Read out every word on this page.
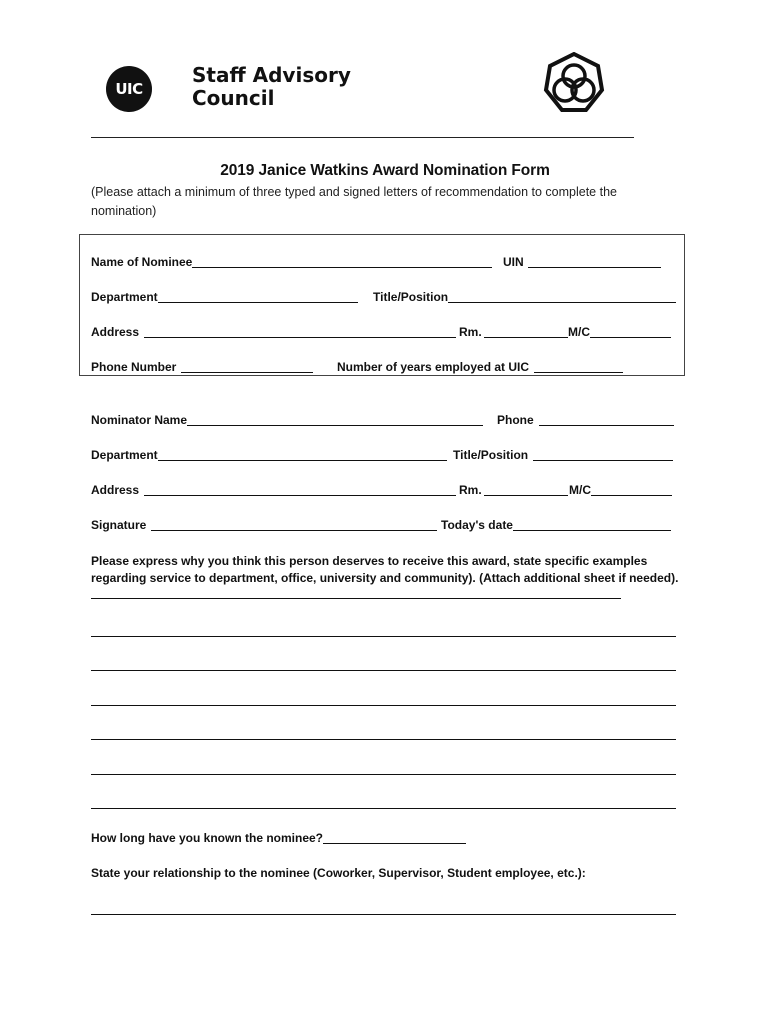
UIC
Staff Advisory
Council
2019 Janice Watkins Award Nomination Form
(Please attach a minimum of three typed and signed letters of recommendation to complete the nomination)
Name of Nominee	UIN
Department	Title/Position
Address	Rm.	M/C
Phone Number	Number of years employed at UIC
Nominator Name	Phone
Department	Title/Position
Address	Rm.	M/C
Signature	Today's date
Please express why you think this person deserves to receive this award, state specific examples regarding service to department, office, university and community). (Attach additional sheet if needed).
How long have you known the nominee?
State your relationship to the nominee (Coworker, Supervisor, Student employee, etc.):
